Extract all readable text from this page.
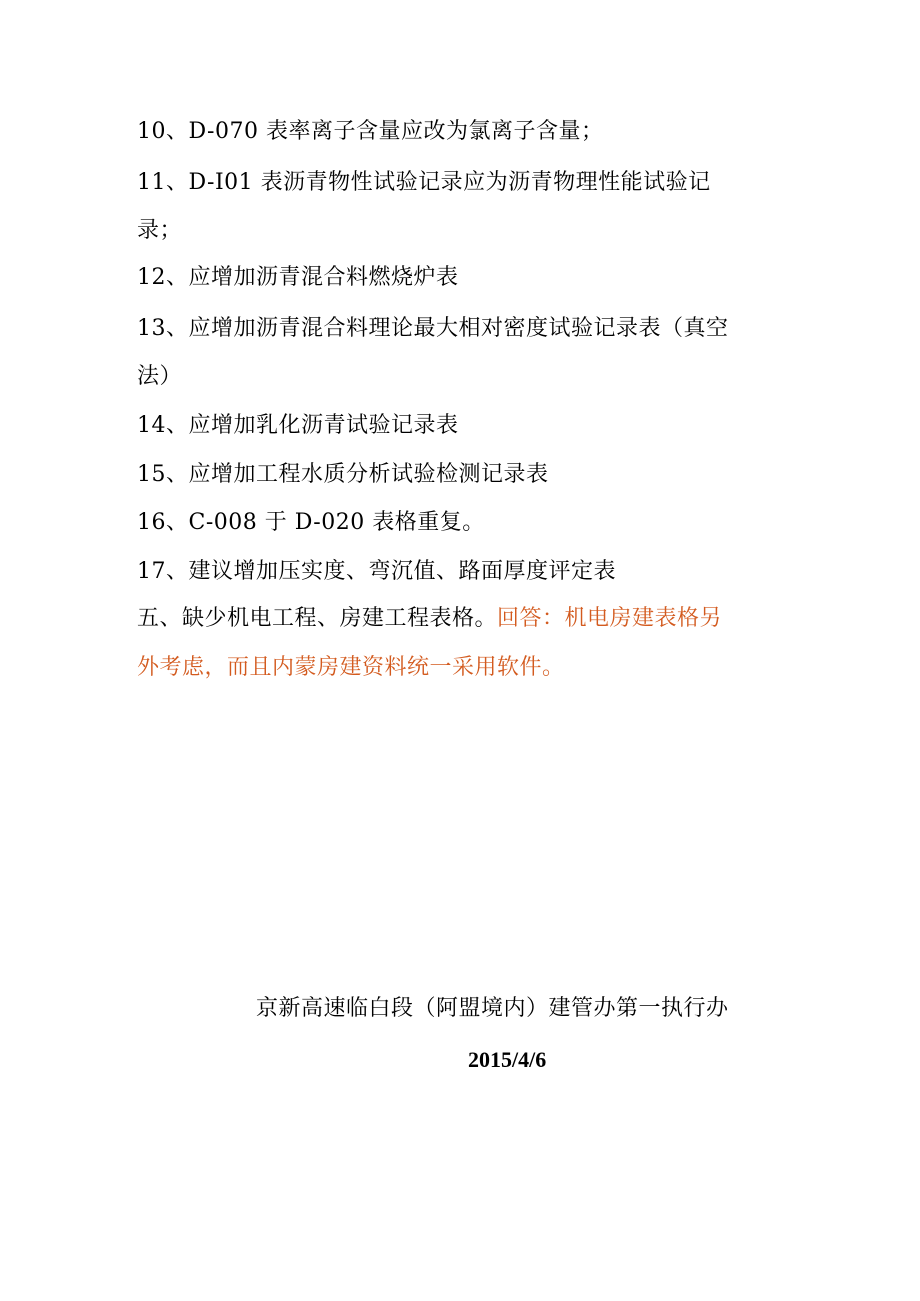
10、D-070 表率离子含量应改为氯离子含量；
11、D-I01 表沥青物性试验记录应为沥青物理性能试验记
录；
12、应增加沥青混合料燃烧炉表
13、应增加沥青混合料理论最大相对密度试验记录表（真空
法）
14、应增加乳化沥青试验记录表
15、应增加工程水质分析试验检测记录表
16、C-008 于 D-020 表格重复。
17、建议增加压实度、弯沉值、路面厚度评定表
五、缺少机电工程、房建工程表格。回答：机电房建表格另
外考虑，而且内蒙房建资料统一采用软件。
京新高速临白段（阿盟境内）建管办第一执行办
2015/4/6
